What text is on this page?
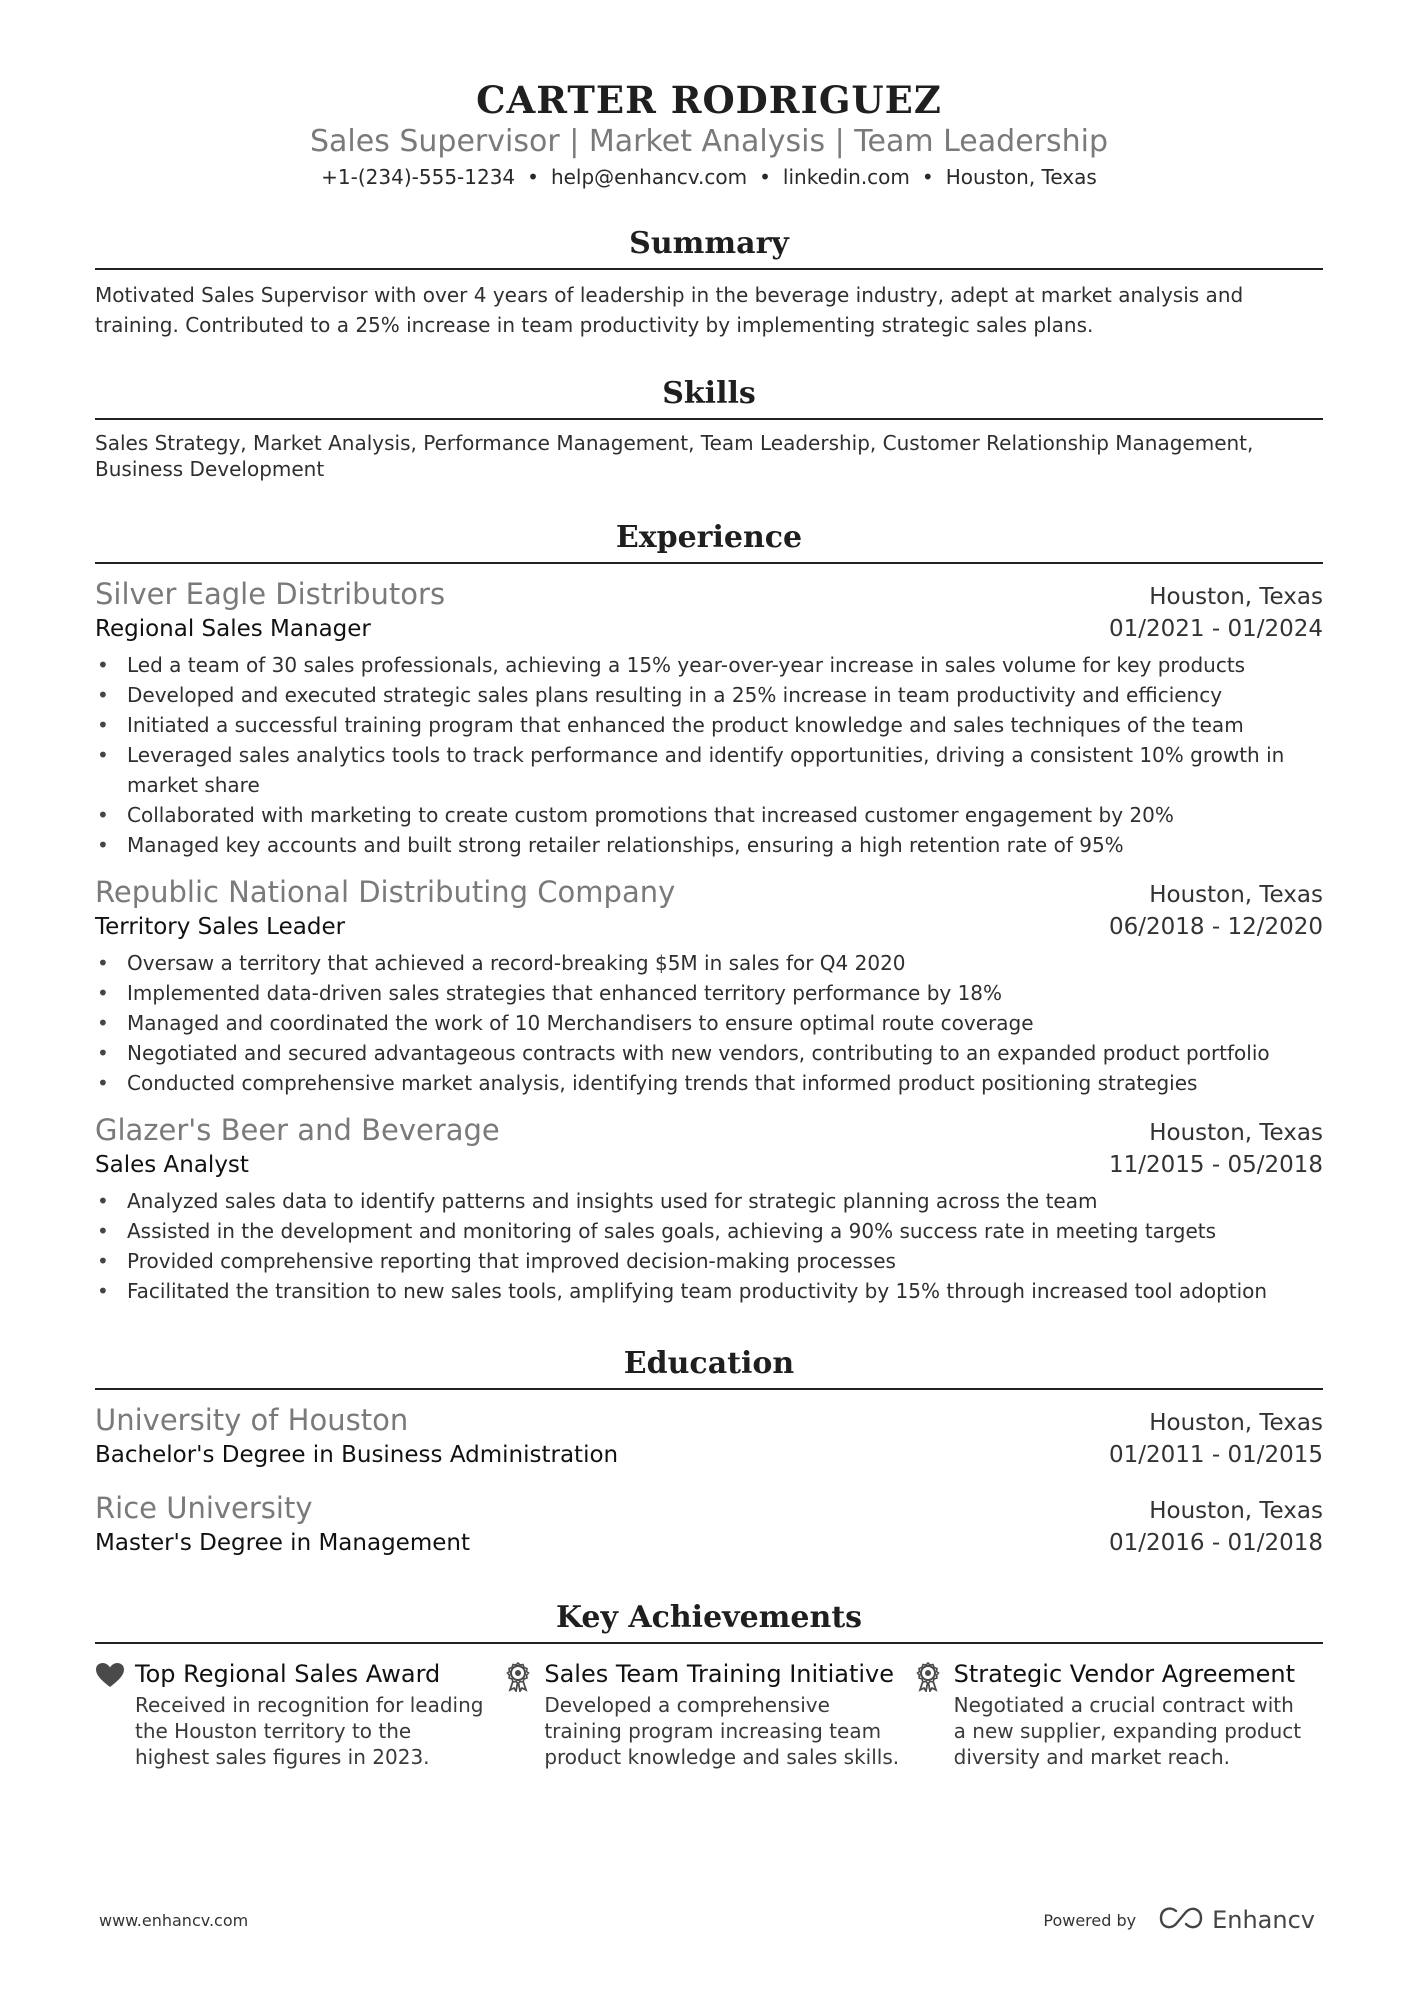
CARTER RODRIGUEZ
Sales Supervisor | Market Analysis | Team Leadership
+1-(234)-555-1234 • help@enhancv.com • linkedin.com • Houston, Texas
Summary
Motivated Sales Supervisor with over 4 years of leadership in the beverage industry, adept at market analysis and training. Contributed to a 25% increase in team productivity by implementing strategic sales plans.
Skills
Sales Strategy, Market Analysis, Performance Management, Team Leadership, Customer Relationship Management, Business Development
Experience
Silver Eagle Distributors	Houston, Texas
Regional Sales Manager	01/2021 - 01/2024
• Led a team of 30 sales professionals, achieving a 15% year-over-year increase in sales volume for key products
• Developed and executed strategic sales plans resulting in a 25% increase in team productivity and efficiency
• Initiated a successful training program that enhanced the product knowledge and sales techniques of the team
• Leveraged sales analytics tools to track performance and identify opportunities, driving a consistent 10% growth in market share
• Collaborated with marketing to create custom promotions that increased customer engagement by 20%
• Managed key accounts and built strong retailer relationships, ensuring a high retention rate of 95%
Republic National Distributing Company	Houston, Texas
Territory Sales Leader	06/2018 - 12/2020
• Oversaw a territory that achieved a record-breaking $5M in sales for Q4 2020
• Implemented data-driven sales strategies that enhanced territory performance by 18%
• Managed and coordinated the work of 10 Merchandisers to ensure optimal route coverage
• Negotiated and secured advantageous contracts with new vendors, contributing to an expanded product portfolio
• Conducted comprehensive market analysis, identifying trends that informed product positioning strategies
Glazer's Beer and Beverage	Houston, Texas
Sales Analyst	11/2015 - 05/2018
• Analyzed sales data to identify patterns and insights used for strategic planning across the team
• Assisted in the development and monitoring of sales goals, achieving a 90% success rate in meeting targets
• Provided comprehensive reporting that improved decision-making processes
• Facilitated the transition to new sales tools, amplifying team productivity by 15% through increased tool adoption
Education
University of Houston	Houston, Texas
Bachelor's Degree in Business Administration	01/2011 - 01/2015
Rice University	Houston, Texas
Master's Degree in Management	01/2016 - 01/2018
Key Achievements
Top Regional Sales Award
Received in recognition for leading the Houston territory to the highest sales figures in 2023.
Sales Team Training Initiative
Developed a comprehensive training program increasing team product knowledge and sales skills.
Strategic Vendor Agreement
Negotiated a crucial contract with a new supplier, expanding product diversity and market reach.
www.enhancv.com	Powered by	Enhancv
